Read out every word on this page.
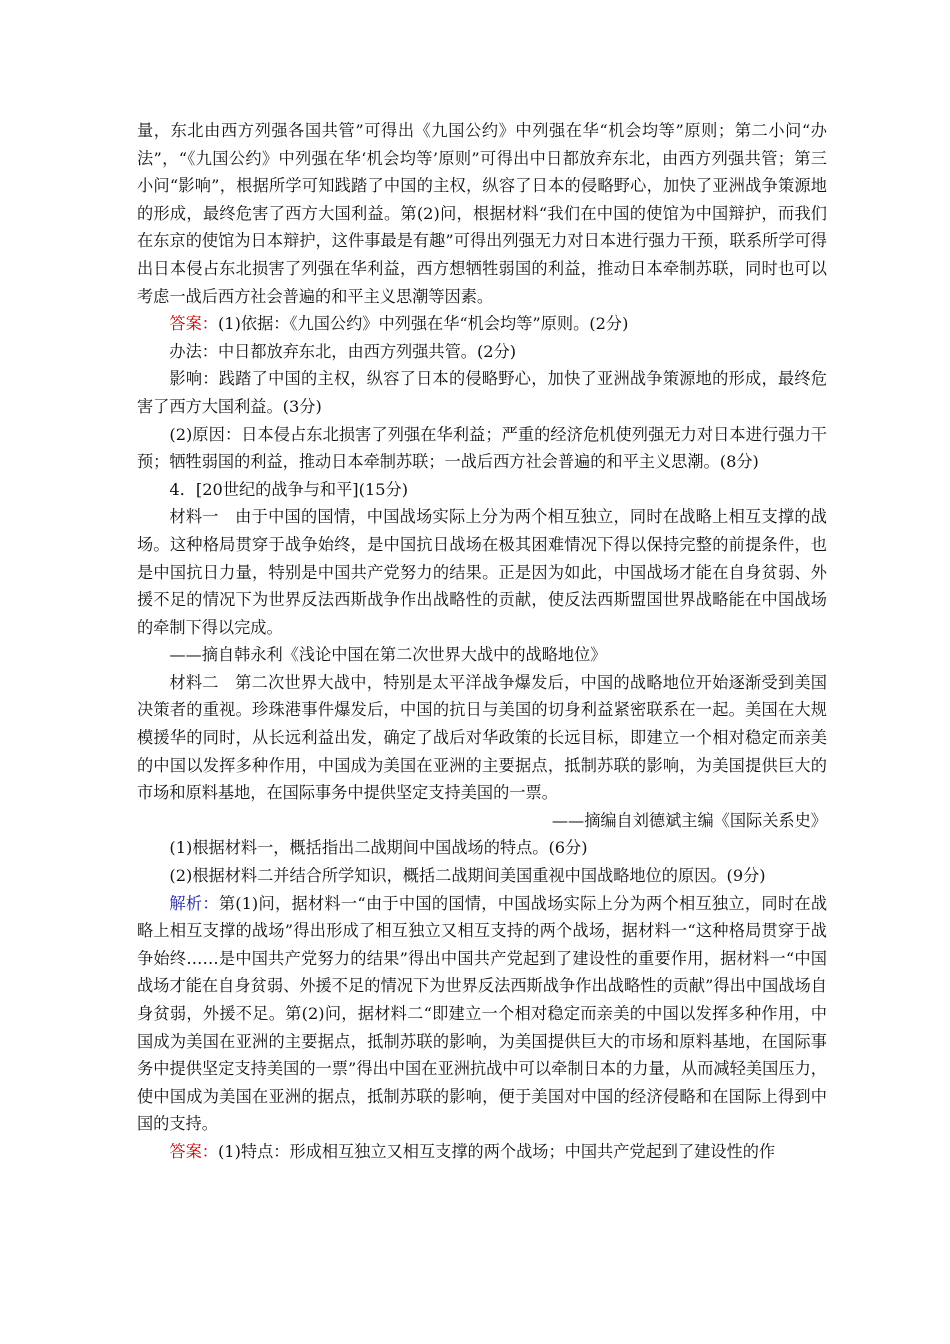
量，东北由西方列强各国共管”可得出《九国公约》中列强在华“机会均等”原则；第二小问“办法”，“《九国公约》中列强在华‘机会均等’原则”可得出中日都放弃东北，由西方列强共管；第三小问“影响”，根据所学可知践踏了中国的主权，纵容了日本的侵略野心，加快了亚洲战争策源地的形成，最终危害了西方大国利益。第(2)问，根据材料“我们在中国的使馆为中国辩护，而我们在东京的使馆为日本辩护，这件事最是有趣”可得出列强无力对日本进行强力干预，联系所学可得出日本侵占东北损害了列强在华利益，西方想牺牲弱国的利益，推动日本牵制苏联，同时也可以考虑一战后西方社会普遍的和平主义思潮等因素。

答案：(1)依据：《九国公约》中列强在华“机会均等”原则。(2分)

办法：中日都放弃东北，由西方列强共管。(2分)

影响：践踏了中国的主权，纵容了日本的侵略野心，加快了亚洲战争策源地的形成，最终危害了西方大国利益。(3分)

(2)原因：日本侵占东北损害了列强在华利益；严重的经济危机使列强无力对日本进行强力干预；牺牲弱国的利益，推动日本牵制苏联；一战后西方社会普遍的和平主义思潮。(8分)

4．[20世纪的战争与和平](15分)

材料一　由于中国的国情，中国战场实际上分为两个相互独立，同时在战略上相互支撑的战场。这种格局贯穿于战争始终，是中国抗日战场在极其困难情况下得以保持完整的前提条件，也是中国抗日力量，特别是中国共产党努力的结果。正是因为如此，中国战场才能在自身贫弱、外援不足的情况下为世界反法西斯战争作出战略性的贡献，使反法西斯盟国世界战略能在中国战场的牵制下得以完成。

——摘自韩永利《浅论中国在第二次世界大战中的战略地位》

材料二　第二次世界大战中，特别是太平洋战争爆发后，中国的战略地位开始逐渐受到美国决策者的重视。珍珠港事件爆发后，中国的抗日与美国的切身利益紧密联系在一起。美国在大规模援华的同时，从长远利益出发，确定了战后对华政策的长远目标，即建立一个相对稳定而亲美的中国以发挥多种作用，中国成为美国在亚洲的主要据点，抵制苏联的影响，为美国提供巨大的市场和原料基地，在国际事务中提供坚定支持美国的一票。

——摘编自刘德斌主编《国际关系史》

(1)根据材料一，概括指出二战期间中国战场的特点。(6分)

(2)根据材料二并结合所学知识，概括二战期间美国重视中国战略地位的原因。(9分)

解析：第(1)问，据材料一“由于中国的国情，中国战场实际上分为两个相互独立，同时在战略上相互支撑的战场”得出形成了相互独立又相互支持的两个战场，据材料一“这种格局贯穿于战争始终……是中国共产党努力的结果”得出中国共产党起到了建设性的重要作用，据材料一“中国战场才能在自身贫弱、外援不足的情况下为世界反法西斯战争作出战略性的贡献”得出中国战场自身贫弱，外援不足。第(2)问，据材料二“即建立一个相对稳定而亲美的中国以发挥多种作用，中国成为美国在亚洲的主要据点，抵制苏联的影响，为美国提供巨大的市场和原料基地，在国际事务中提供坚定支持美国的一票”得出中国在亚洲抗战中可以牵制日本的力量，从而减轻美国压力，使中国成为美国在亚洲的据点，抵制苏联的影响，便于美国对中国的经济侵略和在国际上得到中国的支持。

答案：(1)特点：形成相互独立又相互支撑的两个战场；中国共产党起到了建设性的作
